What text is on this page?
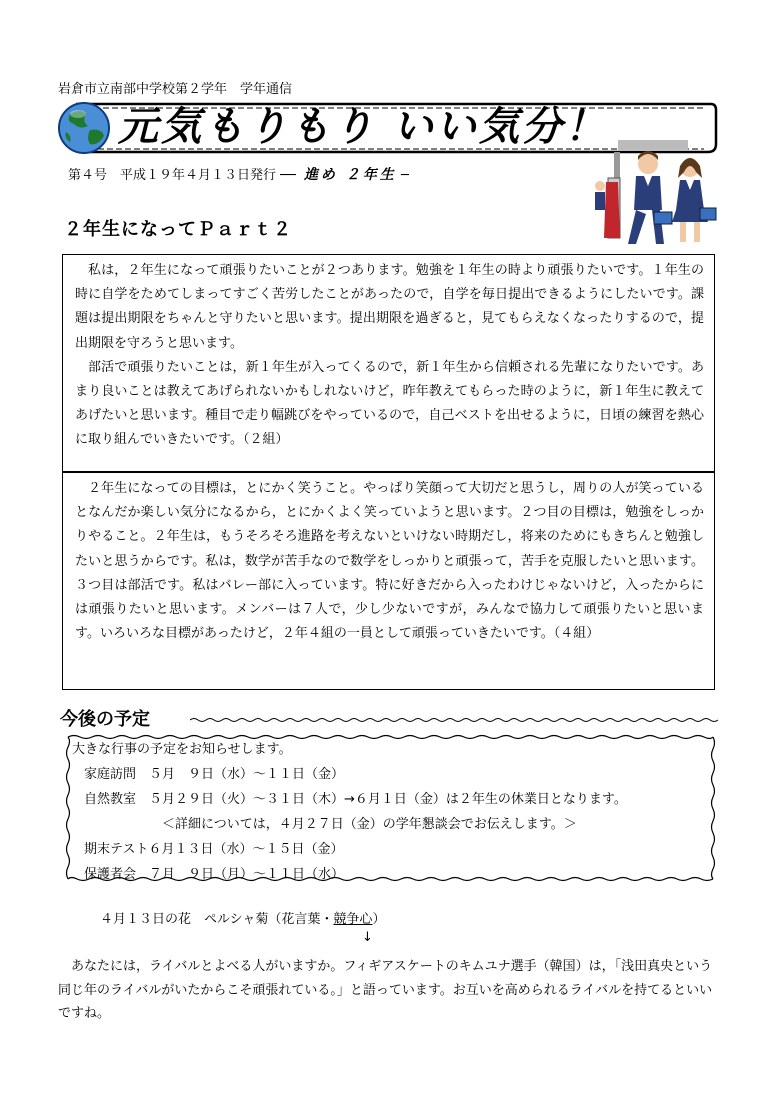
岩倉市立南部中学校第２学年　学年通信
元気もりもり いい気分！
第４号　平成１９年４月１３日発行 ── 進め ２年生 ─
２年生になってＰａｒｔ２

私は，２年生になって頑張りたいことが２つあります。勉強を１年生の時より頑張りたいです。１年生の時に自学をためてしまってすごく苦労したことがあったので，自学を毎日提出できるようにしたいです。課題は提出期限をちゃんと守りたいと思います。提出期限を過ぎると，見てもらえなくなったりするので，提出期限を守ろうと思います。

部活で頑張りたいことは，新１年生が入ってくるので，新１年生から信頼される先輩になりたいです。あまり良いことは教えてあげられないかもしれないけど，昨年教えてもらった時のように，新１年生に教えてあげたいと思います。種目で走り幅跳びをやっているので，自己ベストを出せるように，日頃の練習を熱心に取り組んでいきたいです。（２組）

２年生になっての目標は，とにかく笑うこと。やっぱり笑顔って大切だと思うし，周りの人が笑っているとなんだか楽しい気分になるから，とにかくよく笑っていようと思います。２つ目の目標は，勉強をしっかりやること。２年生は，もうそろそろ進路を考えないといけない時期だし，将来のためにもきちんと勉強したいと思うからです。私は，数学が苦手なので数学をしっかりと頑張って，苦手を克服したいと思います。３つ目は部活です。私はバレー部に入っています。特に好きだから入ったわけじゃないけど，入ったからには頑張りたいと思います。メンバーは７人で，少し少ないですが，みんなで協力して頑張りたいと思います。いろいろな目標があったけど，２年４組の一員として頑張っていきたいです。（４組）

今後の予定
大きな行事の予定をお知らせします。
家庭訪問　５月　９日（水）～１１日（金）
自然教室　５月２９日（火）～３１日（木）→６月１日（金）は２年生の休業日となります。
　　　　　　＜詳細については，４月２７日（金）の学年懇談会でお伝えします。＞
期末テスト６月１３日（水）～１５日（金）
保護者会　７月　９日（月）～１１日（水）
４月１３日の花　ペルシャ菊（花言葉・競争心）
↓

あなたには，ライバルとよべる人がいますか。フィギアスケートのキムユナ選手（韓国）は，「浅田真央という同じ年のライバルがいたからこそ頑張れている。」と語っています。お互いを高められるライバルを持てるといいですね。
